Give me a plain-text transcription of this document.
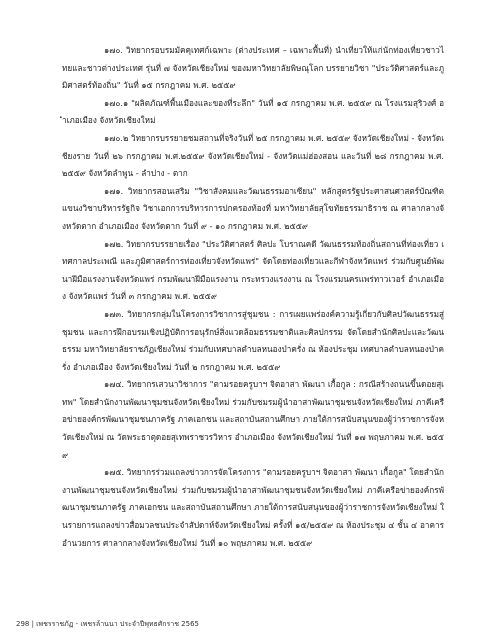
๑๗๐. วิทยากรอบรมมัคคุเทศก์เฉพาะ (ต่างประเทศ – เฉพาะพื้นที่) นำเที่ยวให้แก่นักท่องเที่ยวชาวไทยและชาวต่างประเทศ รุ่นที่ ๗ จังหวัดเชียงใหม่ ของมหาวิทยาลัยพิษณุโลก บรรยายวิชา "ประวัติศาสตร์และภูมิศาสตร์ท้องถิ่น" วันที่ ๑๕ กรกฎาคม พ.ศ. ๒๕๕๙

๑๗๐.๑ "ผลิตภัณฑ์พื้นเมืองและของที่ระลึก" วันที่ ๑๕ กรกฎาคม พ.ศ. ๒๕๕๙ ณ โรงแรมสุริวงศ์ อำเภอเมือง จังหวัดเชียงใหม่

๑๗๐.๒ วิทยากรบรรยายชมสถานที่จริงวันที่ ๒๕ กรกฎาคม พ.ศ. ๒๕๕๙ จังหวัดเชียงใหม่ - จังหวัดเชียงราย วันที่ ๒๖ กรกฎาคม พ.ศ.๒๕๕๙ จังหวัดเชียงใหม่ - จังหวัดแม่ฮ่องสอน และวันที่ ๒๘ กรกฎาคม พ.ศ. ๒๕๕๙ จังหวัดลำพูน - ลำปาง - ตาก

๑๗๑. วิทยากรสอนเสริม "วิชาสังคมและวัฒนธรรมอาเซียน" หลักสูตรรัฐประศาสนศาสตร์บัณฑิต แขนงวิชาบริหารรัฐกิจ วิชาเอกการบริหารการปกครองท้องที่ มหาวิทยาลัยสุโขทัยธรรมาธิราช ณ ศาลากลางจังหวัดตาก อำเภอเมือง จังหวัดตาก วันที่ ๙ - ๑๐ กรกฎาคม พ.ศ. ๒๕๕๙

๑๗๒. วิทยากรบรรยายเรื่อง "ประวัติศาสตร์ ศิลปะ โบราณคดี วัฒนธรรมท้องถิ่นสถานที่ท่องเที่ยว เทศกาลประเพณี และภูมิศาสตร์การท่องเที่ยวจังหวัดแพร่" จัดโดยท่องเที่ยวและกีฬาจังหวัดแพร่ ร่วมกับศูนย์พัฒนาฝีมือแรงงานจังหวัดแพร่ กรมพัฒนาฝีมือแรงงาน กระทรวงแรงงาน ณ โรงแรมนครแพร่ทาวเวอร์ อำเภอเมือง จังหวัดแพร่ วันที่ ๓ กรกฎาคม พ.ศ. ๒๕๕๙

๑๗๓. วิทยากรกลุ่มในโครงการวิชาการสู่ชุมชน : การเผยแพร่องค์ความรู้เกี่ยวกับศิลปวัฒนธรรมสู่ชุมชน และการฝึกอบรมเชิงปฏิบัติการอนุรักษ์สิ่งแวดล้อมธรรมชาติและศิลปกรรม จัดโดยสำนักศิลปะและวัฒนธรรม มหาวิทยาลัยราชภัฏเชียงใหม่ ร่วมกับเทศบาลตำบลหนองป่าครั่ง ณ ห้องประชุม เทศบาลตำบลหนองป่าครั่ง อำเภอเมือง จังหวัดเชียงใหม่ วันที่ ๒ กรกฎาคม พ.ศ. ๒๕๕๙

๑๗๔. วิทยากรเสวนาวิชาการ "ตามรอยครูบาฯ จิตอาสา พัฒนา เกื้อกูล : กรณีสร้างถนนขึ้นดอยสุเทพ" โดยสำนักงานพัฒนาชุมชนจังหวัดเชียงใหม่ ร่วมกับชมรมผู้นำอาสาพัฒนาชุมชนจังหวัดเชียงใหม่ ภาคีเครือข่ายองค์กรพัฒนาชุมชนภาครัฐ ภาคเอกชน และสถาบันสถานศึกษา ภายใต้การสนับสนุนของผู้ว่าราชการจังหวัดเชียงใหม่ ณ วัดพระธาตุดอยสุเทพราชวรวิหาร อำเภอเมือง จังหวัดเชียงใหม่ วันที่ ๑๗ พฤษภาคม พ.ศ. ๒๕๕๙

๑๗๕. วิทยากรร่วมแถลงข่าวการจัดโครงการ "ตามรอยครูบาฯ จิตอาสา พัฒนา เกื้อกูล" โดยสำนักงานพัฒนาชุมชนจังหวัดเชียงใหม่ ร่วมกับชมรมผู้นำอาสาพัฒนาชุมชนจังหวัดเชียงใหม่ ภาคีเครือข่ายองค์กรพัฒนาชุมชนภาครัฐ ภาคเอกชน และสถาบันสถานศึกษา ภายใต้การสนับสนุนของผู้ว่าราชการจังหวัดเชียงใหม่ ในรายการแถลงข่าวสื่อมวลชนประจำสัปดาห์จังหวัดเชียงใหม่ ครั้งที่ ๑๕/๒๕๕๙ ณ ห้องประชุม ๔ ชั้น ๔ อาคารอำนวยการ ศาลากลางจังหวัดเชียงใหม่ วันที่ ๑๐ พฤษภาคม พ.ศ. ๒๕๕๙

298 | เพชรราชภัฏ - เพชรล้านนา ประจำปีพุทธศักราช 2565
